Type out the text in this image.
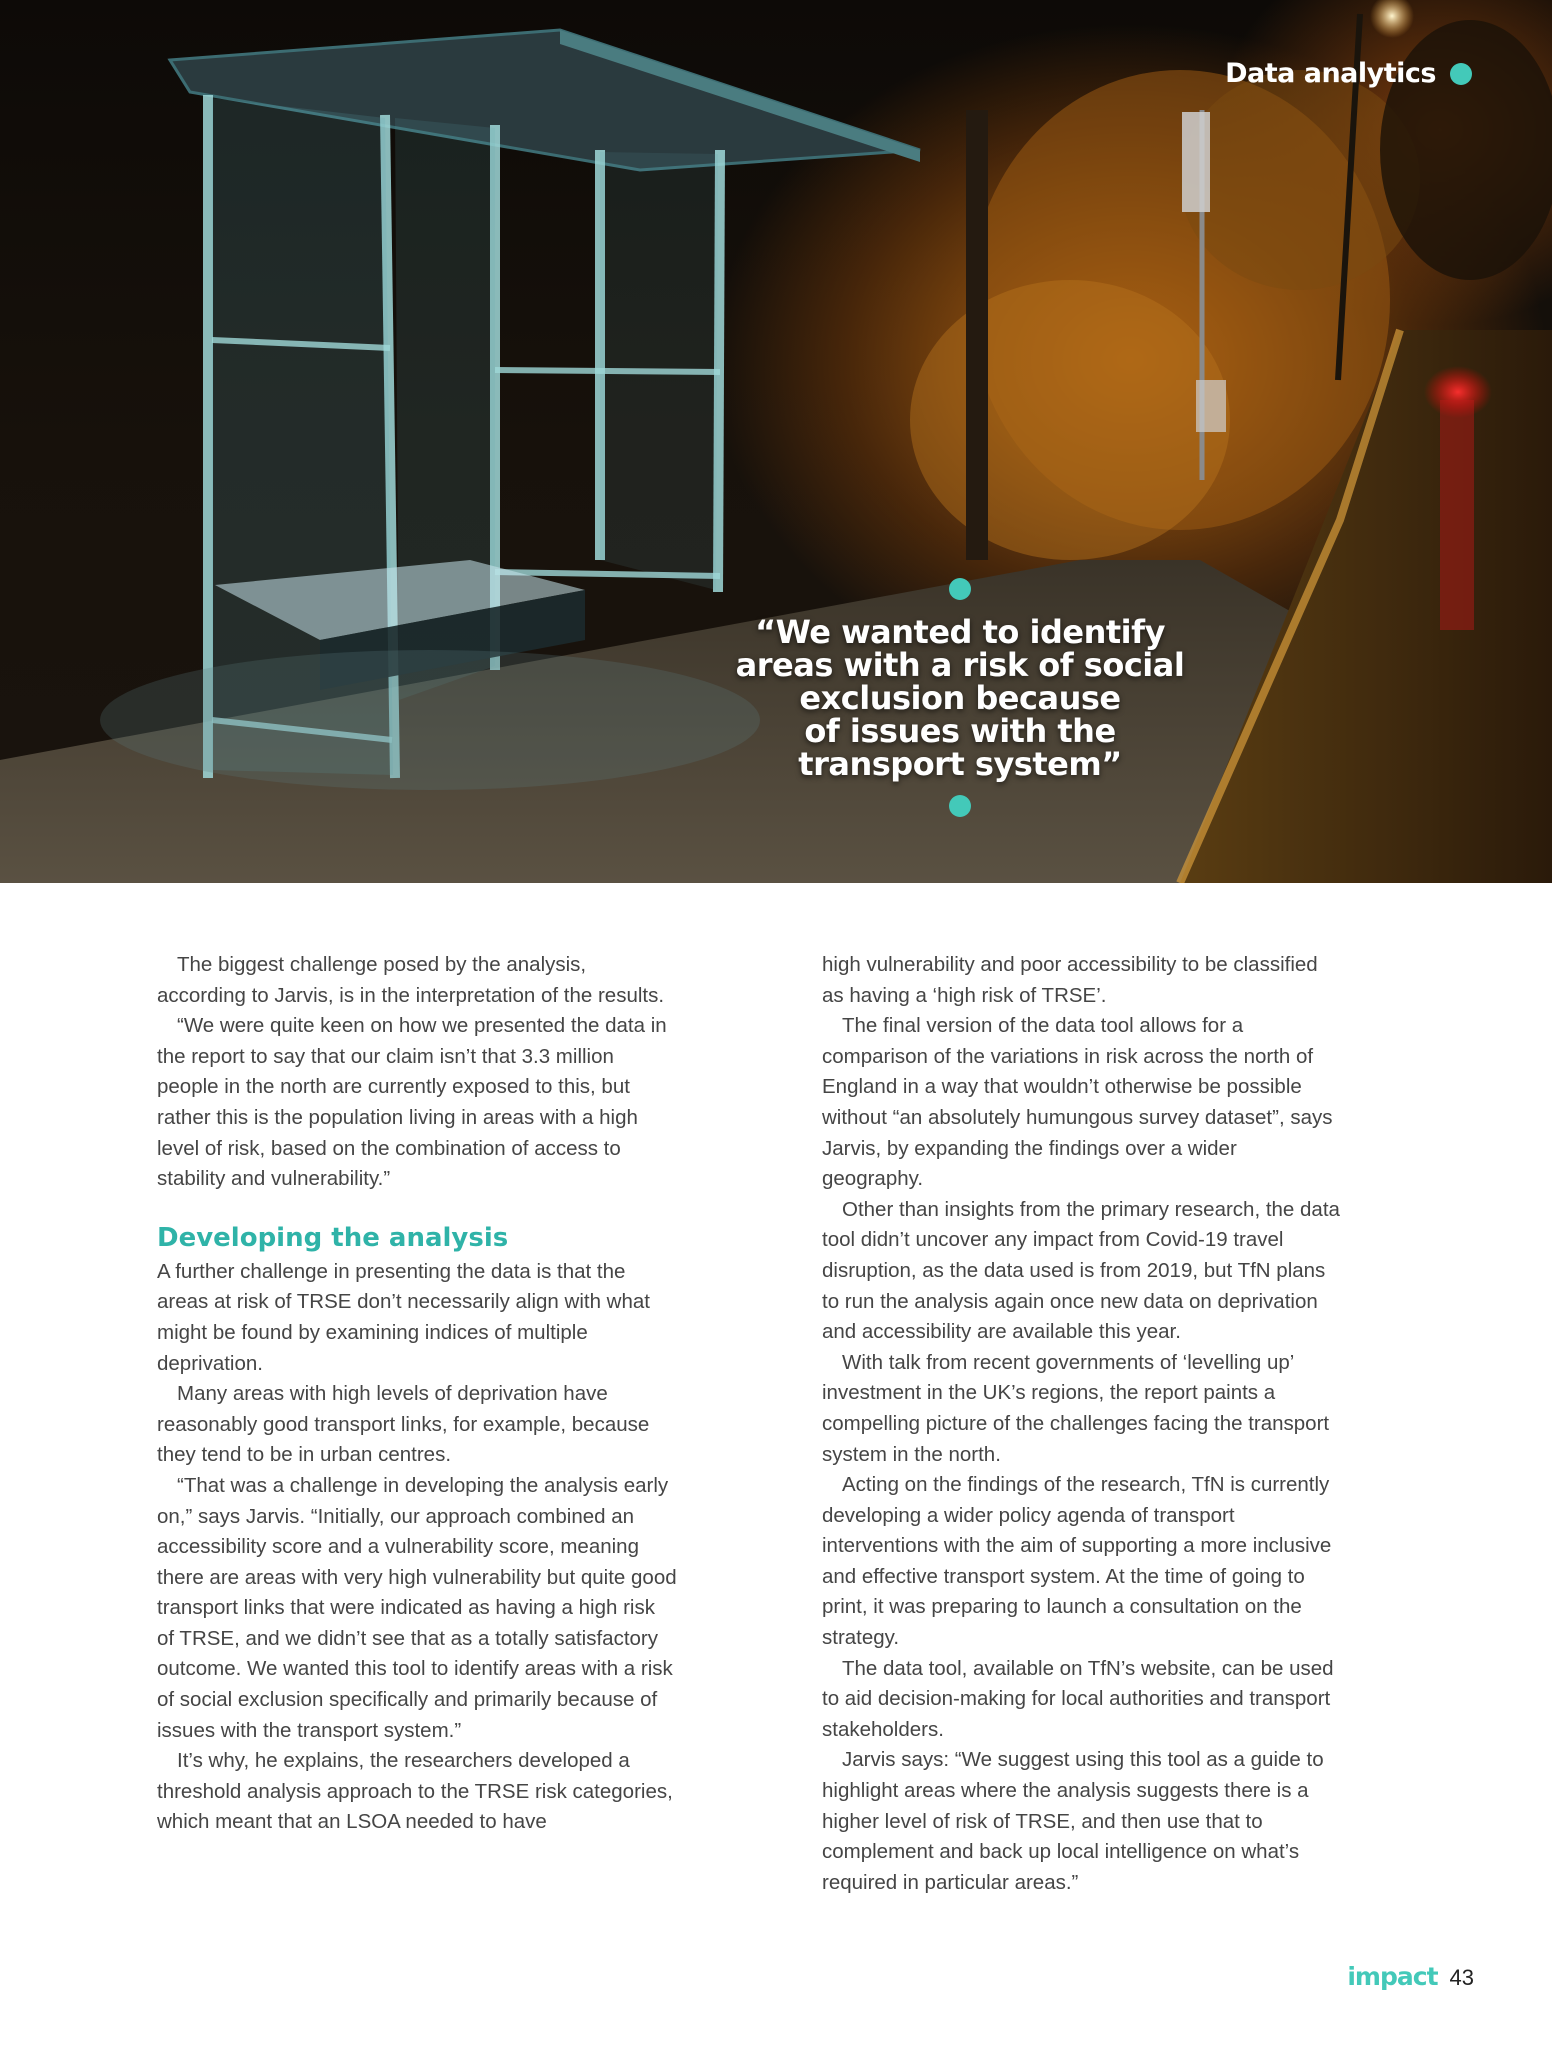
Data analytics
“We wanted to identify
areas with a risk of social
exclusion because
of issues with the
transport system”

The biggest challenge posed by the analysis, according to Jarvis, is in the interpretation of the results.

“We were quite keen on how we presented the data in the report to say that our claim isn’t that 3.3 million people in the north are currently exposed to this, but rather this is the population living in areas with a high level of risk, based on the combination of access to stability and vulnerability.”

Developing the analysis

A further challenge in presenting the data is that the areas at risk of TRSE don’t necessarily align with what might be found by examining indices of multiple deprivation.

Many areas with high levels of deprivation have reasonably good transport links, for example, because they tend to be in urban centres.

“That was a challenge in developing the analysis early on,” says Jarvis. “Initially, our approach combined an accessibility score and a vulnerability score, meaning there are areas with very high vulnerability but quite good transport links that were indicated as having a high risk of TRSE, and we didn’t see that as a totally satisfactory outcome. We wanted this tool to identify areas with a risk of social exclusion specifically and primarily because of issues with the transport system.”

It’s why, he explains, the researchers developed a threshold analysis approach to the TRSE risk categories, which meant that an LSOA needed to have

high vulnerability and poor accessibility to be classified as having a ‘high risk of TRSE’.

The final version of the data tool allows for a comparison of the variations in risk across the north of England in a way that wouldn’t otherwise be possible without “an absolutely humungous survey dataset”, says Jarvis, by expanding the findings over a wider geography.

Other than insights from the primary research, the data tool didn’t uncover any impact from Covid-19 travel disruption, as the data used is from 2019, but TfN plans to run the analysis again once new data on deprivation and accessibility are available this year.

With talk from recent governments of ‘levelling up’ investment in the UK’s regions, the report paints a compelling picture of the challenges facing the transport system in the north.

Acting on the findings of the research, TfN is currently developing a wider policy agenda of transport interventions with the aim of supporting a more inclusive and effective transport system. At the time of going to print, it was preparing to launch a consultation on the strategy.

The data tool, available on TfN’s website, can be used to aid decision-making for local authorities and transport stakeholders.

Jarvis says: “We suggest using this tool as a guide to highlight areas where the analysis suggests there is a higher level of risk of TRSE, and then use that to complement and back up local intelligence on what’s required in particular areas.”

impact 43
